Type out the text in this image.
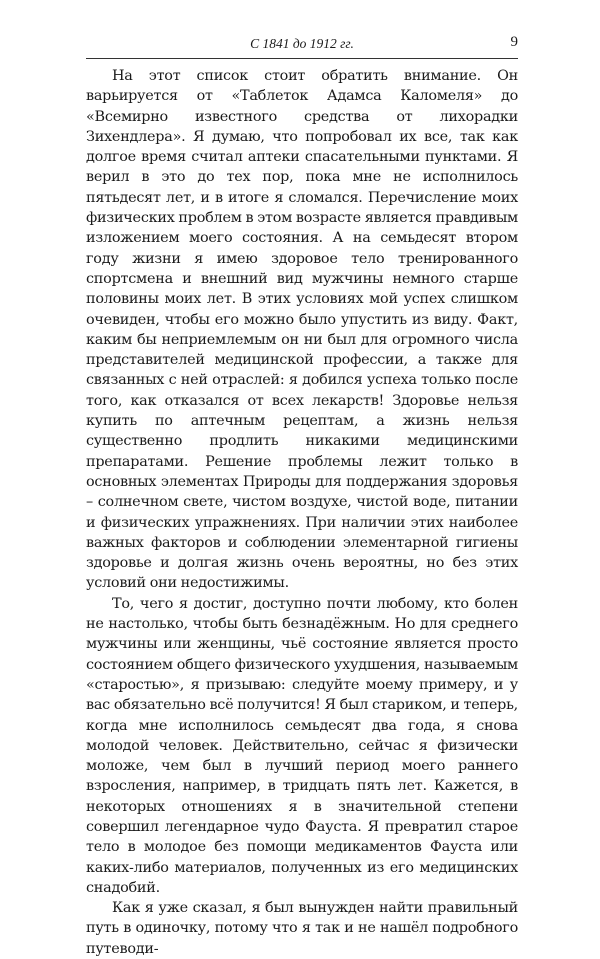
С 1841 до 1912 гг.	9

На этот список стоит обратить внимание. Он варьируется от «Таблеток Адамса Каломеля» до «Всемирно известного средства от лихорадки Зихендлера». Я думаю, что попробовал их все, так как долгое время считал аптеки спасательными пунктами. Я верил в это до тех пор, пока мне не исполнилось пятьдесят лет, и в итоге я сломался. Перечисление моих физических проблем в этом возрасте является правдивым изложением моего состояния. А на семьдесят втором году жизни я имею здоровое тело тренированного спортсмена и внешний вид мужчины немного старше половины моих лет. В этих условиях мой успех слишком очевиден, чтобы его можно было упустить из виду. Факт, каким бы неприемлемым он ни был для огромного числа представителей медицинской профессии, а также для связанных с ней отраслей: я добился успеха только после того, как отказался от всех лекарств! Здоровье нельзя купить по аптечным рецептам, а жизнь нельзя существенно продлить никакими медицинскими препаратами. Решение проблемы лежит только в основных элементах Природы для поддержания здоровья – солнечном свете, чистом воздухе, чистой воде, питании и физических упражнениях. При наличии этих наиболее важных факторов и соблюдении элементарной гигиены здоровье и долгая жизнь очень вероятны, но без этих условий они недостижимы.

То, чего я достиг, доступно почти любому, кто болен не настолько, чтобы быть безнадёжным. Но для среднего мужчины или женщины, чьё состояние является просто состоянием общего физического ухудшения, называемым «старостью», я призываю: следуйте моему примеру, и у вас обязательно всё получится! Я был стариком, и теперь, когда мне исполнилось семьдесят два года, я снова молодой человек. Действительно, сейчас я физически моложе, чем был в лучший период моего раннего взросления, например, в тридцать пять лет. Кажется, в некоторых отношениях я в значительной степени совершил легендарное чудо Фауста. Я превратил старое тело в молодое без помощи медикаментов Фауста или каких-либо материалов, полученных из его медицинских снадобий.

Как я уже сказал, я был вынужден найти правильный путь в одиночку, потому что я так и не нашёл подробного путеводи-
